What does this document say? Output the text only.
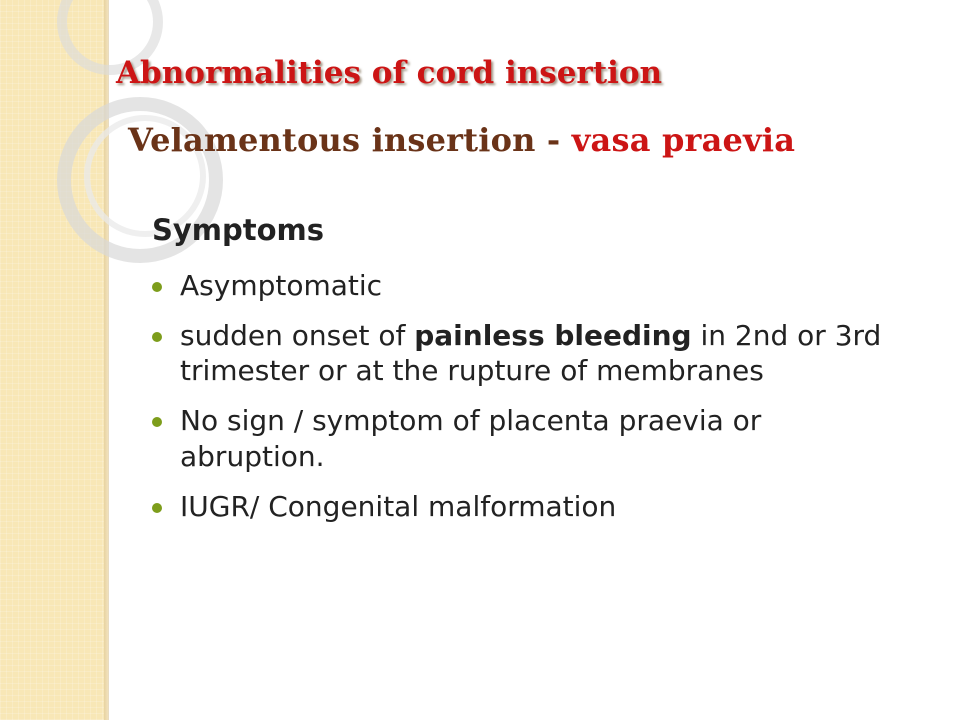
Abnormalities of cord insertion
Velamentous insertion - vasa praevia
Symptoms
Asymptomatic
sudden onset of painless bleeding in 2nd or 3rd trimester or at the rupture of membranes
No sign / symptom of placenta praevia or abruption.
IUGR/ Congenital malformation
